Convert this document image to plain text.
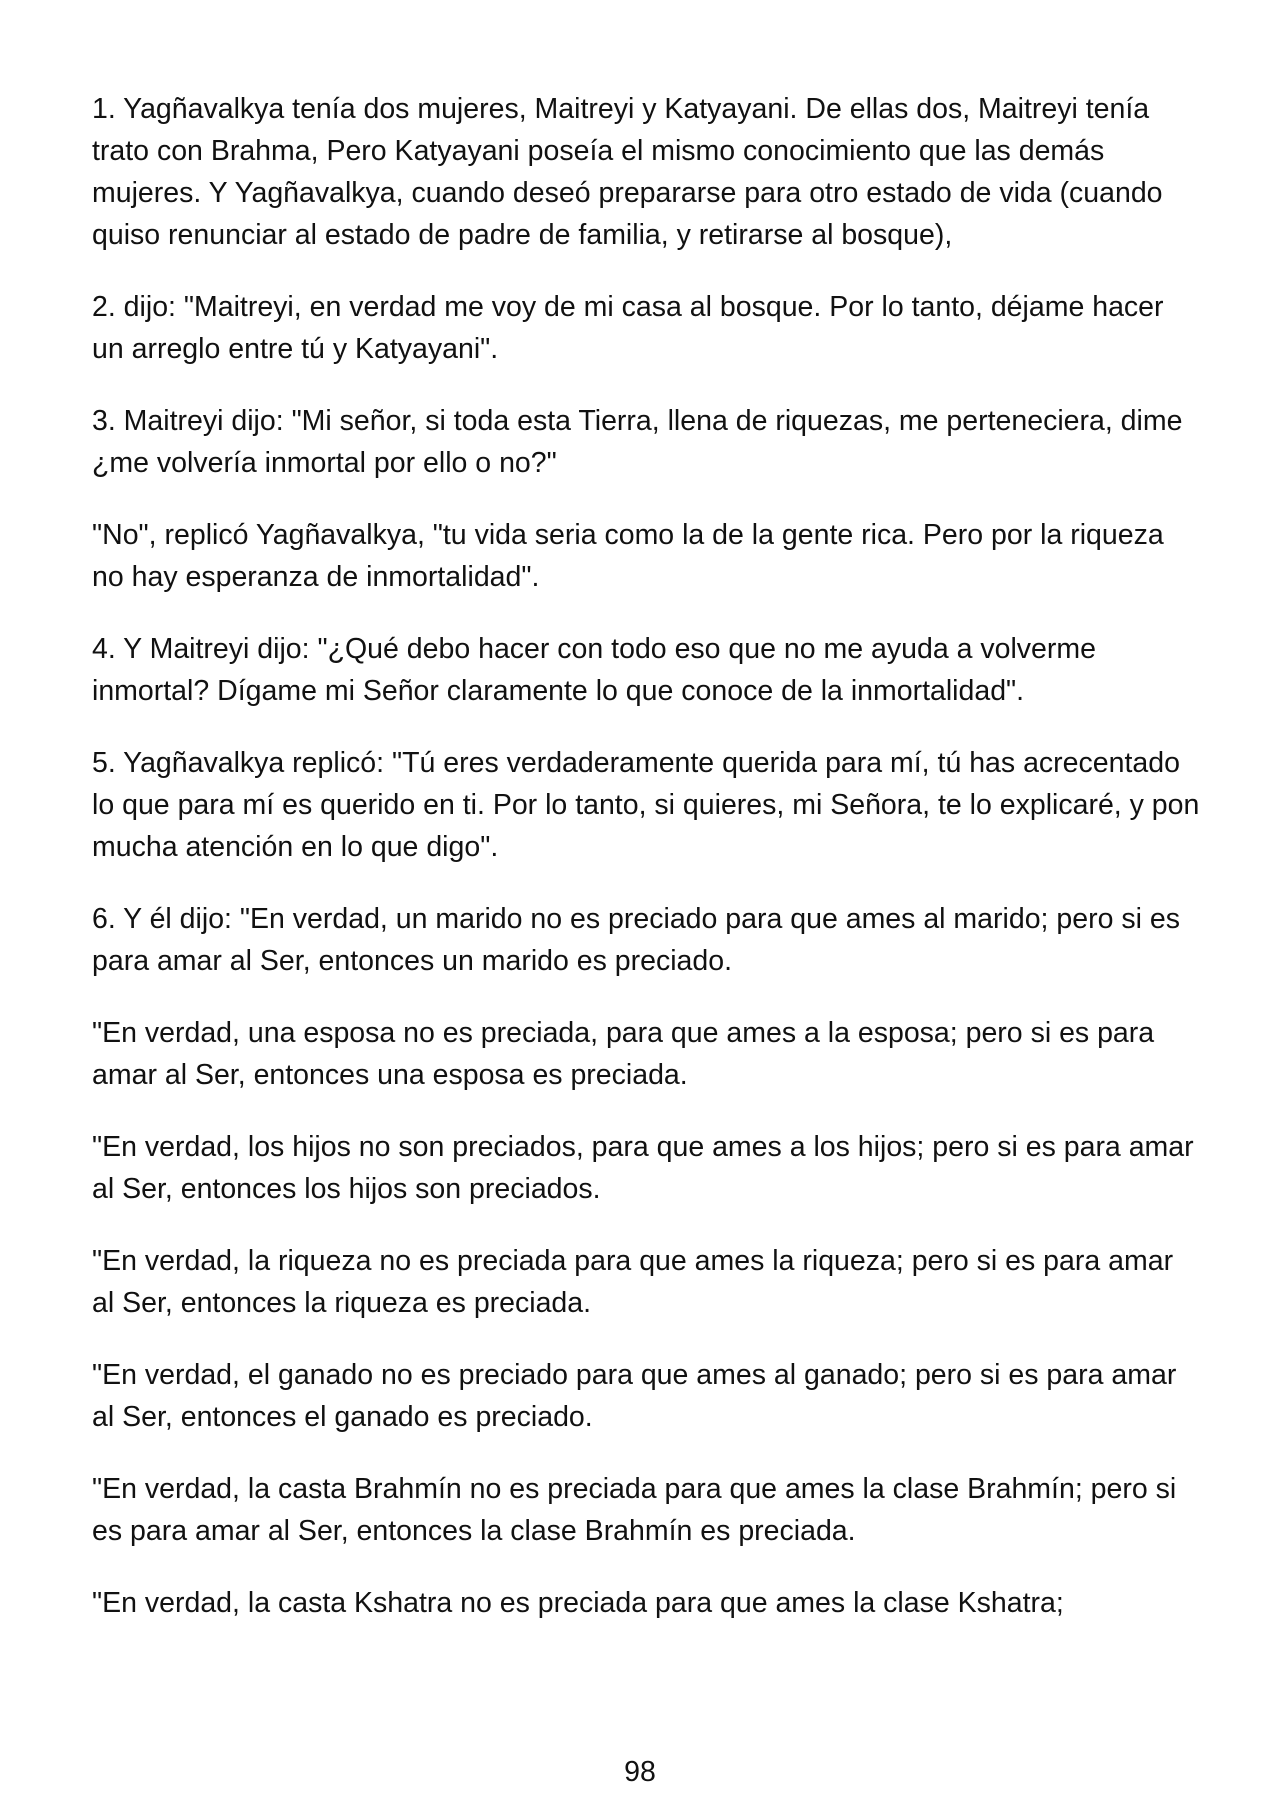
1. Yagñavalkya tenía dos mujeres, Maitreyi y Katyayani. De ellas dos, Maitreyi tenía trato con Brahma, Pero Katyayani poseía el mismo conocimiento que las demás mujeres. Y Yagñavalkya, cuando deseó prepararse para otro estado de vida (cuando quiso renunciar al estado de padre de familia, y retirarse al bosque),

2. dijo: "Maitreyi, en verdad me voy de mi casa al bosque. Por lo tanto, déjame hacer un arreglo entre tú y Katyayani".

3. Maitreyi dijo: "Mi señor, si toda esta Tierra, llena de riquezas, me perteneciera, dime ¿me volvería inmortal por ello o no?"

"No", replicó Yagñavalkya, "tu vida seria como la de la gente rica. Pero por la riqueza no hay esperanza de inmortalidad".

4. Y Maitreyi dijo: "¿Qué debo hacer con todo eso que no me ayuda a volverme inmortal? Dígame mi Señor claramente lo que conoce de la inmortalidad".

5. Yagñavalkya replicó: "Tú eres verdaderamente querida para mí, tú has acrecentado lo que para mí es querido en ti. Por lo tanto, si quieres, mi Señora, te lo explicaré, y pon mucha atención en lo que digo".

6. Y él dijo: "En verdad, un marido no es preciado para que ames al marido; pero si es para amar al Ser, entonces un marido es preciado.

"En verdad, una esposa no es preciada, para que ames a la esposa; pero si es para amar al Ser, entonces una esposa es preciada.

"En verdad, los hijos no son preciados, para que ames a los hijos; pero si es para amar al Ser, entonces los hijos son preciados.

"En verdad, la riqueza no es preciada para que ames la riqueza; pero si es para amar al Ser, entonces la riqueza es preciada.

"En verdad, el ganado no es preciado para que ames al ganado; pero si es para amar al Ser, entonces el ganado es preciado.

"En verdad, la casta Brahmín no es preciada para que ames la clase Brahmín; pero si es para amar al Ser, entonces la clase Brahmín es preciada.

"En verdad, la casta Kshatra no es preciada para que ames la clase Kshatra;

98
